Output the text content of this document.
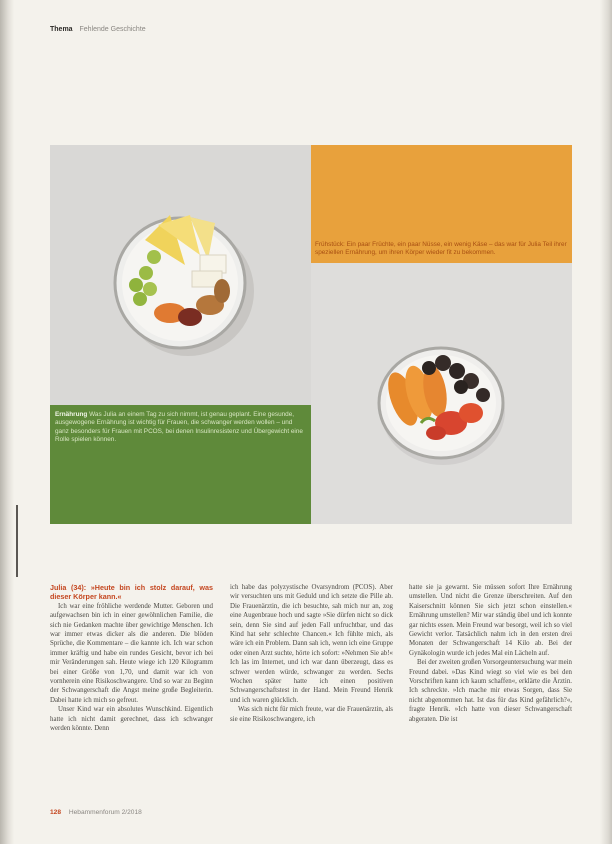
Thema Fehlende Geschichte
Frühstück: Ein paar Früchte, ein paar Nüsse, ein wenig Käse – das war für Julia Teil ihrer speziellen Ernährung, um ihren Körper wieder fit zu bekommen.
Ernährung Was Julia an einem Tag zu sich nimmt, ist genau geplant. Eine gesunde, ausgewogene Ernährung ist wichtig für Frauen, die schwanger werden wollen – und ganz besonders für Frauen mit PCOS, bei denen Insulinresistenz und Übergewicht eine Rolle spielen können.

Julia (34): »Heute bin ich stolz darauf, was dieser Körper kann.«

Ich war eine fröhliche werdende Mutter. Geboren und aufgewachsen bin ich in einer gewöhnlichen Familie, die sich nie Gedanken machte über gewichtige Menschen. Ich war immer etwas dicker als die anderen. Die blöden Sprüche, die Kommentare – die kannte ich. Ich war schon immer kräftig und habe ein rundes Gesicht, bevor ich bei mir Veränderungen sah. Heute wiege ich 120 Kilogramm bei einer Größe von 1,70, und damit war ich von vornherein eine Risikoschwangere. Und so war zu Beginn der Schwangerschaft die Angst meine große Begleiterin. Dabei hatte ich mich so gefreut.

Unser Kind war ein absolutes Wunschkind. Eigentlich hatte ich nicht damit gerechnet, dass ich schwanger werden könnte. Denn

ich habe das polyzystische Ovarsyndrom (PCOS). Aber wir versuchten uns mit Geduld und ich setzte die Pille ab. Die Frauenärztin, die ich besuchte, sah mich nur an, zog eine Augenbraue hoch und sagte »Sie dürfen nicht so dick sein, denn Sie sind auf jeden Fall unfruchtbar, und das Kind hat sehr schlechte Chancen.« Ich fühlte mich, als wäre ich ein Problem. Dann sah ich, wenn ich eine Gruppe oder einen Arzt suchte, hörte ich sofort: »Nehmen Sie ab!« Ich las im Internet, und ich war dann überzeugt, dass es schwer werden würde, schwanger zu werden. Sechs Wochen später hatte ich einen positiven Schwangerschaftstest in der Hand. Mein Freund Henrik und ich waren glücklich.

Was sich nicht für mich freute, war die Frauenärztin, als sie eine Risikoschwangere, ich

hatte sie ja gewarnt. Sie müssen sofort Ihre Ernährung umstellen. Und nicht die Grenze überschreiten. Auf den Kaiserschnitt können Sie sich jetzt schon einstellen.« Ernährung umstellen? Mir war ständig übel und ich konnte gar nichts essen. Mein Freund war besorgt, weil ich so viel Gewicht verlor. Tatsächlich nahm ich in den ersten drei Monaten der Schwangerschaft 14 Kilo ab. Bei der Gynäkologin wurde ich jedes Mal ein Lächeln auf.

Bei der zweiten großen Vorsorgeuntersuchung war mein Freund dabei. »Das Kind wiegt so viel wie es bei den Vorschriften kann ich kaum schaffen«, erklärte die Ärztin. Ich schreckte. »Ich mache mir etwas Sorgen, dass Sie nicht abgenommen hat. Ist das für das Kind gefährlich?«, fragte Henrik. »Ich hatte von dieser Schwangerschaft abgeraten. Die ist

128 Hebammenforum 2/2018
